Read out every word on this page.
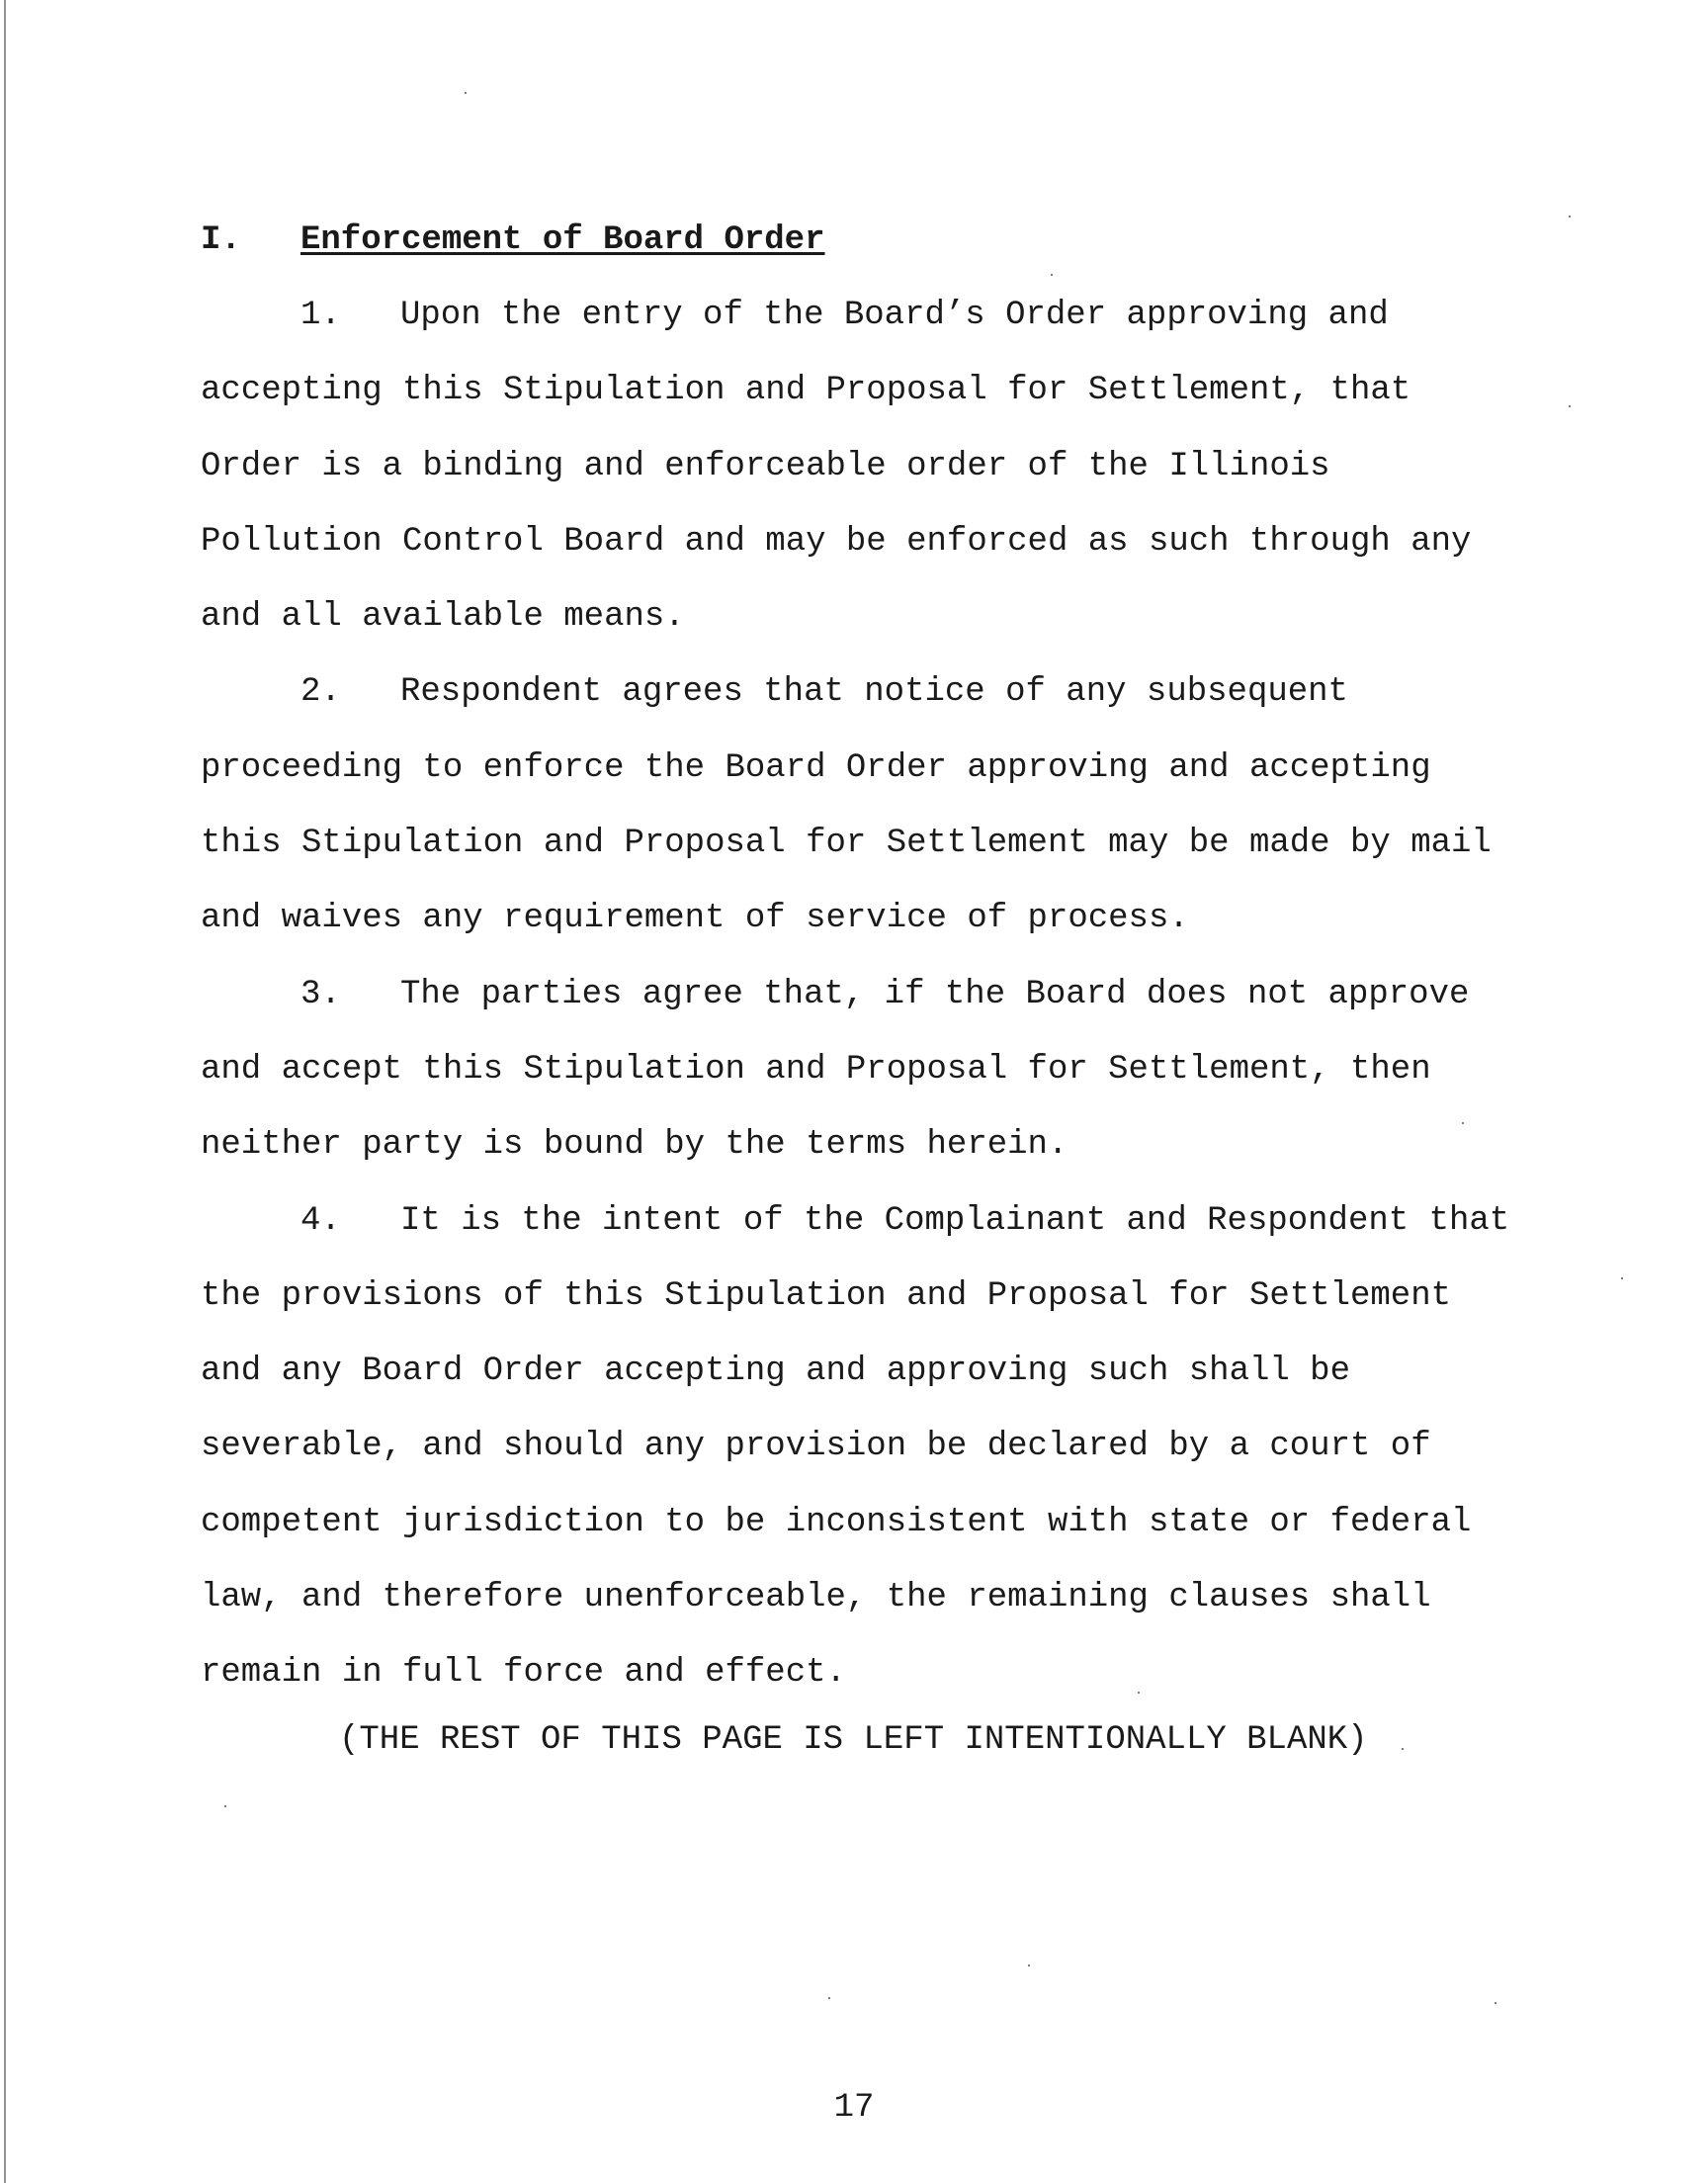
I. Enforcement of Board Order
1. Upon the entry of the Board’s Order approving and
accepting this Stipulation and Proposal for Settlement, that
Order is a binding and enforceable order of the Illinois
Pollution Control Board and may be enforced as such through any
and all available means.
2. Respondent agrees that notice of any subsequent
proceeding to enforce the Board Order approving and accepting
this Stipulation and Proposal for Settlement may be made by mail
and waives any requirement of service of process.
3. The parties agree that, if the Board does not approve
and accept this Stipulation and Proposal for Settlement, then
neither party is bound by the terms herein.
4. It is the intent of the Complainant and Respondent that
the provisions of this Stipulation and Proposal for Settlement
and any Board Order accepting and approving such shall be
severable, and should any provision be declared by a court of
competent jurisdiction to be inconsistent with state or federal
law, and therefore unenforceable, the remaining clauses shall
remain in full force and effect.
(THE REST OF THIS PAGE IS LEFT INTENTIONALLY BLANK)
17
